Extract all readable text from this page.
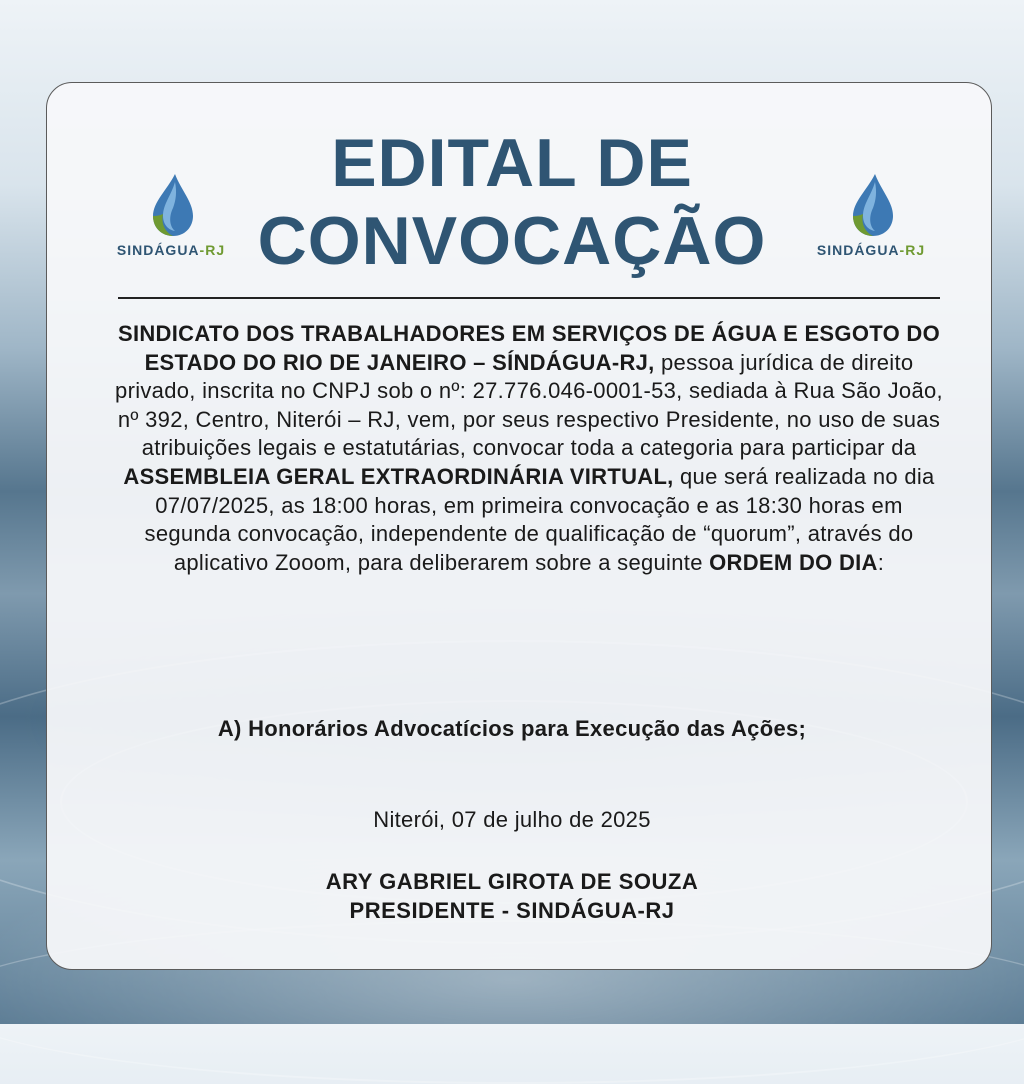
SINDÁGUA-RJ	SINDÁGUA-RJ
EDITAL DE
CONVOCAÇÃO
SINDICATO DOS TRABALHADORES EM SERVIÇOS DE ÁGUA E ESGOTO DO ESTADO DO RIO DE JANEIRO – SÍNDÁGUA-RJ, pessoa jurídica de direito privado, inscrita no CNPJ sob o nº: 27.776.046-0001-53, sediada à Rua São João, nº 392, Centro, Niterói – RJ, vem, por seus respectivo Presidente, no uso de suas atribuições legais e estatutárias, convocar toda a categoria para participar da ASSEMBLEIA GERAL EXTRAORDINÁRIA VIRTUAL, que será realizada no dia 07/07/2025, as 18:00 horas, em primeira convocação e as 18:30 horas em segunda convocação, independente de qualificação de “quorum”, através do aplicativo Zooom, para deliberarem sobre a seguinte ORDEM DO DIA:
A) Honorários Advocatícios para Execução das Ações;
Niterói, 07 de julho de 2025
ARY GABRIEL GIROTA DE SOUZA
PRESIDENTE - SINDÁGUA-RJ
